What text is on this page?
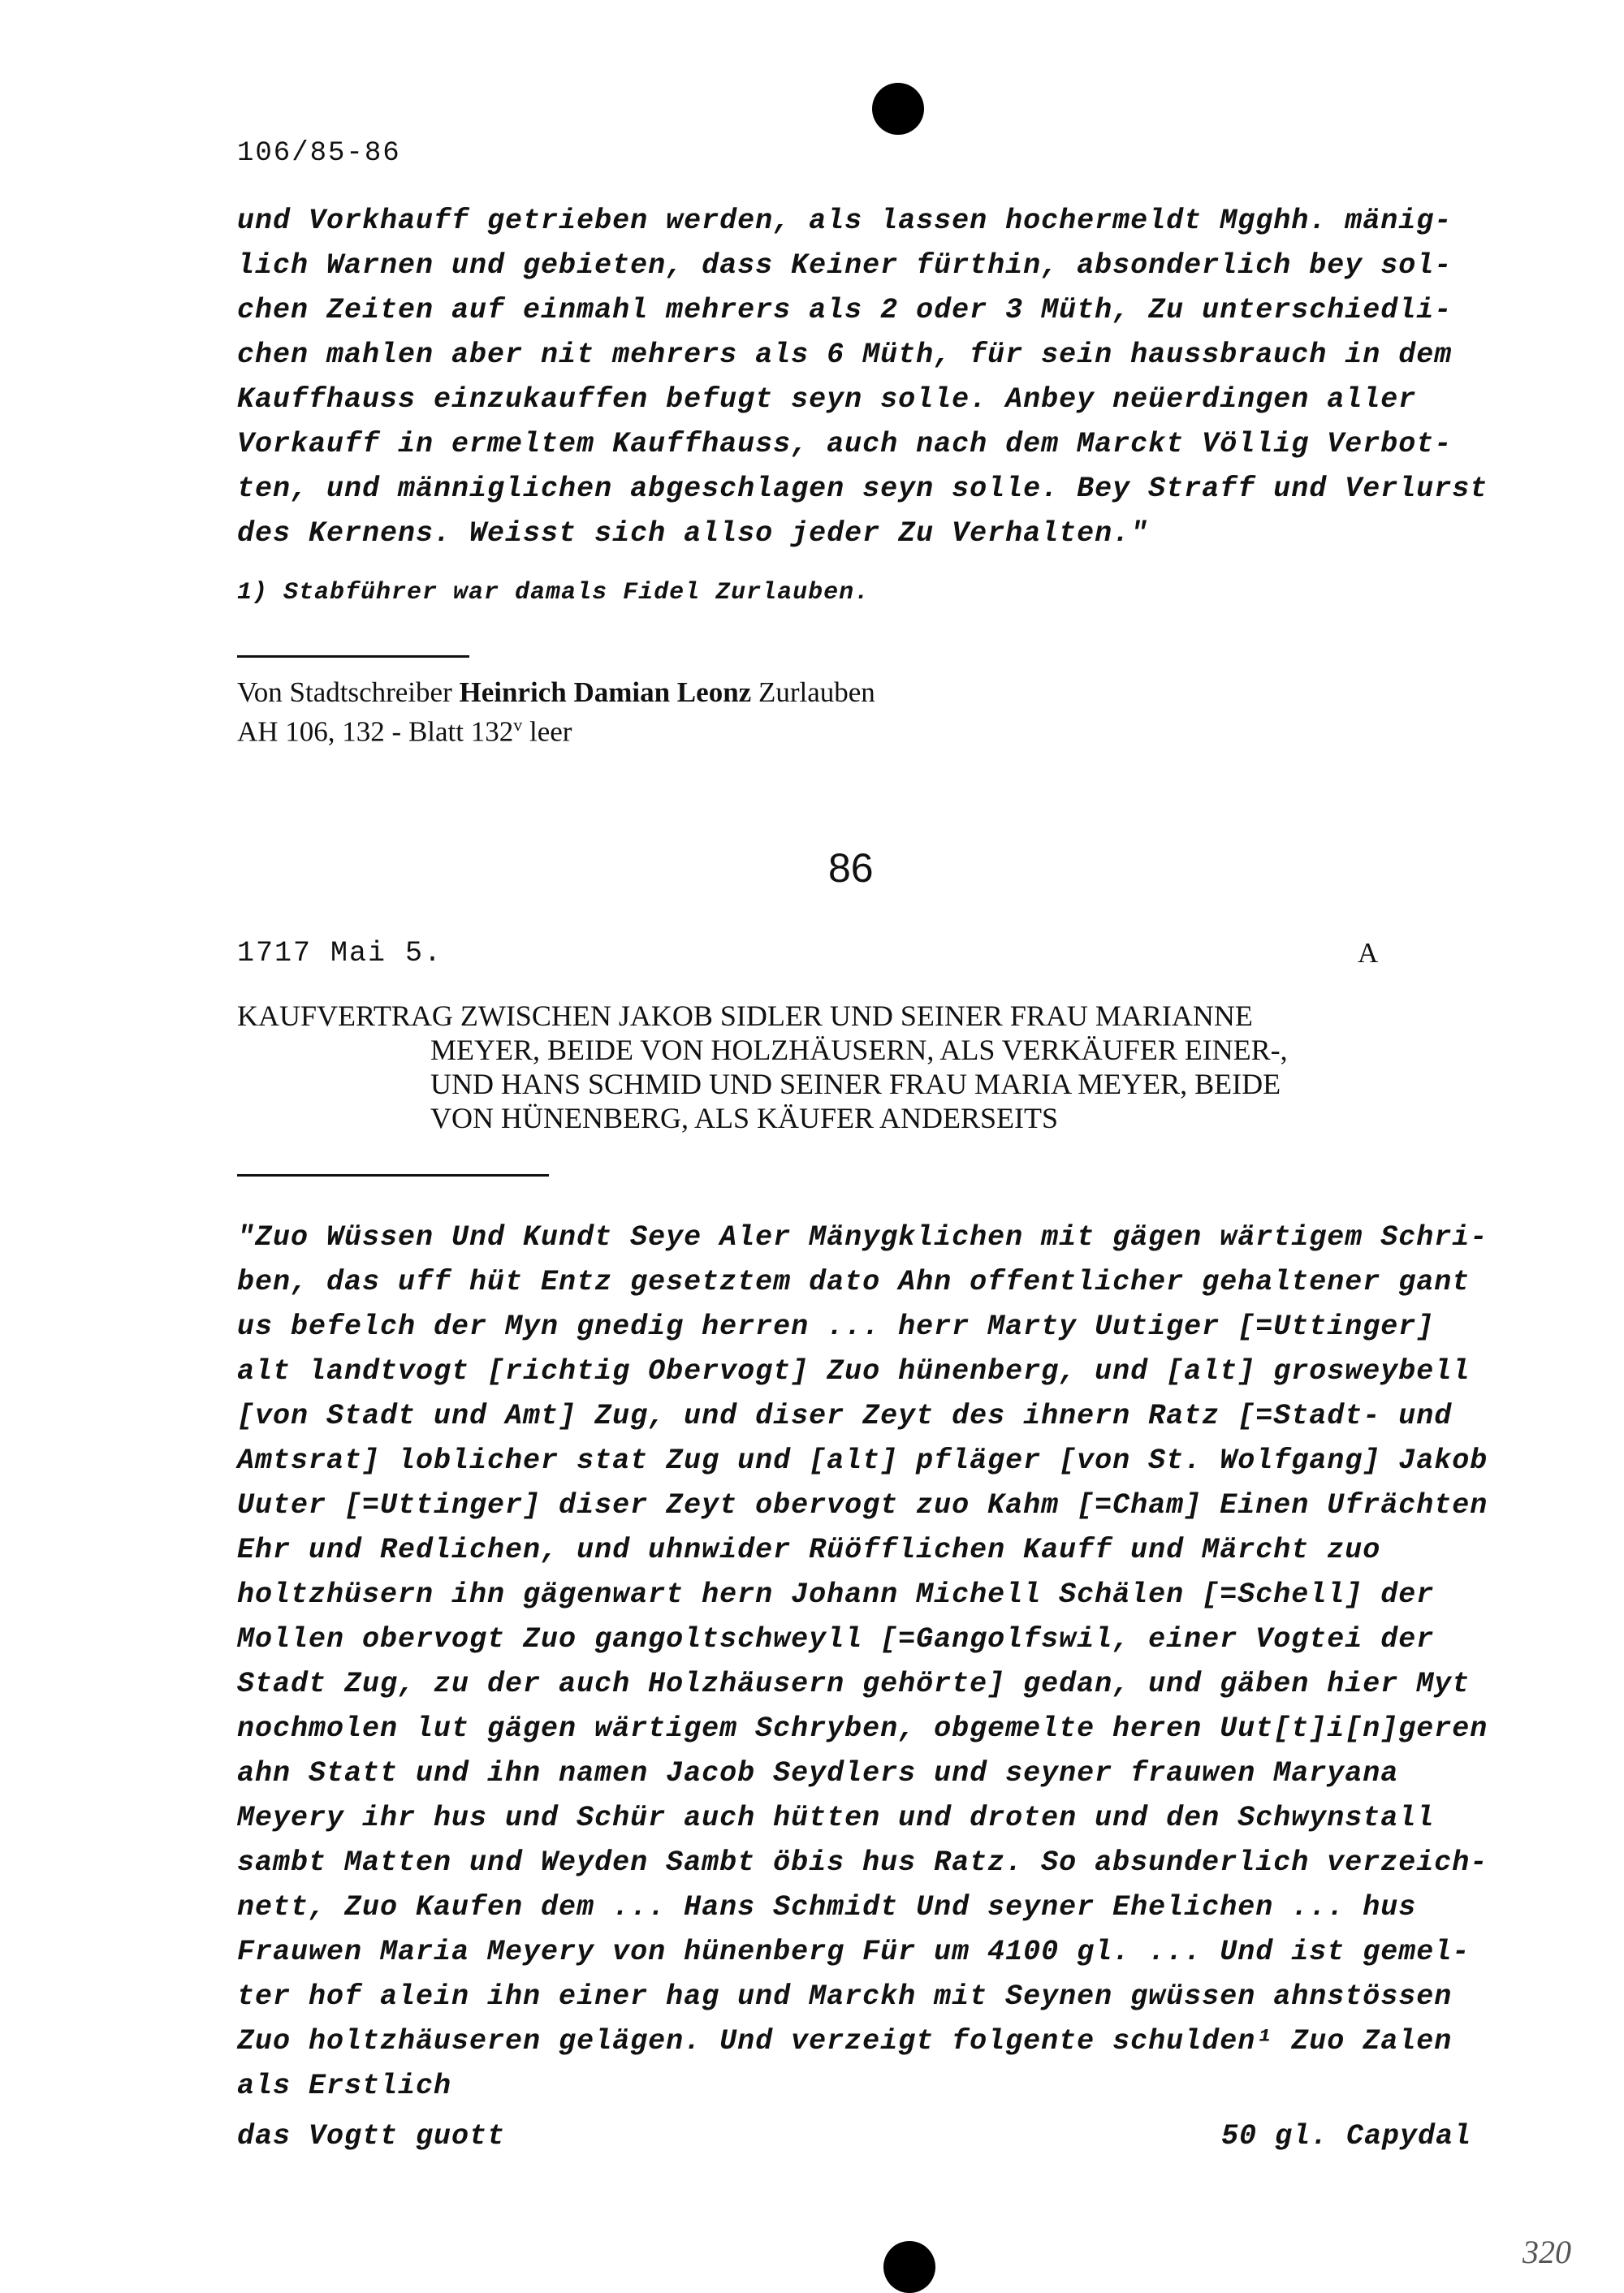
106/85-86
und Vorkhauff getrieben werden, als lassen hochermeldt Mgghh. mänig-
lich Warnen und gebieten, dass Keiner fürthin, absonderlich bey sol-
chen Zeiten auf einmahl mehrers als 2 oder 3 Müth, Zu unterschiedli-
chen mahlen aber nit mehrers als 6 Müth, für sein haussbrauch in dem
Kauffhauss einzukauffen befugt seyn solle. Anbey neüerdingen aller
Vorkauff in ermeltem Kauffhauss, auch nach dem Marckt Völlig Verbot-
ten, und männiglichen abgeschlagen seyn solle. Bey Straff und Verlurst
des Kernens. Weisst sich allso jeder Zu Verhalten."
1) Stabführer war damals Fidel Zurlauben.
Von Stadtschreiber Heinrich Damian Leonz Zurlauben
AH 106, 132 - Blatt 132$^v$ leer
86
1717 Mai 5.	A
KAUFVERTRAG ZWISCHEN JAKOB SIDLER UND SEINER FRAU MARIANNE
MEYER, BEIDE VON HOLZHÄUSERN, ALS VERKÄUFER EINER-,
UND HANS SCHMID UND SEINER FRAU MARIA MEYER, BEIDE
VON HÜNENBERG, ALS KÄUFER ANDERSEITS
"Zuo Wüssen Und Kundt Seye Aler Mänygklichen mit gägen wärtigem Schri-
ben, das uff hüt Entz gesetztem dato Ahn offentlicher gehaltener gant
us befelch der Myn gnedig herren ... herr Marty Uutiger [=Uttinger]
alt landtvogt [richtig Obervogt] Zuo hünenberg, und [alt] grosweybell
[von Stadt und Amt] Zug, und diser Zeyt des ihnern Ratz [=Stadt- und
Amtsrat] loblicher stat Zug und [alt] pfläger [von St. Wolfgang] Jakob
Uuter [=Uttinger] diser Zeyt obervogt zuo Kahm [=Cham] Einen Ufrächten
Ehr und Redlichen, und uhnwider Rüöfflichen Kauff und Märcht zuo
holtzhüsern ihn gägenwart hern Johann Michell Schälen [=Schell] der
Mollen obervogt Zuo gangoltschweyll [=Gangolfswil, einer Vogtei der
Stadt Zug, zu der auch Holzhäusern gehörte] gedan, und gäben hier Myt
nochmolen lut gägen wärtigem Schryben, obgemelte heren Uut[t]i[n]geren
ahn Statt und ihn namen Jacob Seydlers und seyner frauwen Maryana
Meyery ihr hus und Schür auch hütten und droten und den Schwynstall
sambt Matten und Weyden Sambt öbis hus Ratz. So absunderlich verzeich-
nett, Zuo Kaufen dem ... Hans Schmidt Und seyner Ehelichen ... hus
Frauwen Maria Meyery von hünenberg Für um 4100 gl. ... Und ist gemel-
ter hof alein ihn einer hag und Marckh mit Seynen gwüssen ahnstössen
Zuo holtzhäuseren gelägen. Und verzeigt folgente schulden¹ Zuo Zalen
als Erstlich
das Vogtt guott	50 gl. Capydal
320
